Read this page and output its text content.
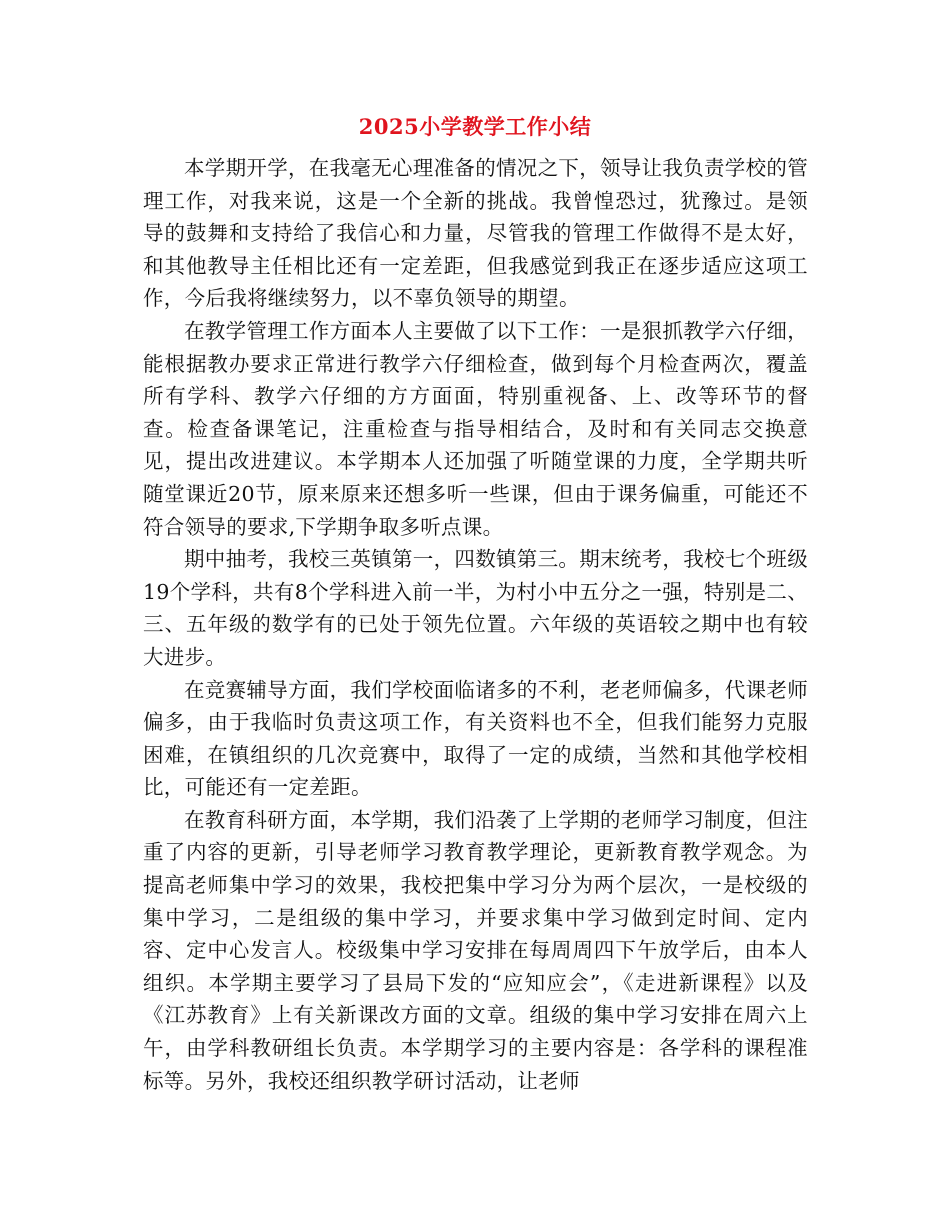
2025小学教学工作小结

本学期开学，在我毫无心理准备的情况之下，领导让我负责学校的管理工作，对我来说，这是一个全新的挑战。我曾惶恐过，犹豫过。是领导的鼓舞和支持给了我信心和力量，尽管我的管理工作做得不是太好，和其他教导主任相比还有一定差距，但我感觉到我正在逐步适应这项工作，今后我将继续努力，以不辜负领导的期望。

在教学管理工作方面本人主要做了以下工作：一是狠抓教学六仔细，能根据教办要求正常进行教学六仔细检查，做到每个月检查两次，覆盖所有学科、教学六仔细的方方面面，特别重视备、上、改等环节的督查。检查备课笔记，注重检查与指导相结合，及时和有关同志交换意见，提出改进建议。本学期本人还加强了听随堂课的力度，全学期共听随堂课近20节，原来原来还想多听一些课，但由于课务偏重，可能还不符合领导的要求,下学期争取多听点课。

期中抽考，我校三英镇第一，四数镇第三。期末统考，我校七个班级19个学科，共有8个学科进入前一半，为村小中五分之一强，特别是二、三、五年级的数学有的已处于领先位置。六年级的英语较之期中也有较大进步。

在竞赛辅导方面，我们学校面临诸多的不利，老老师偏多，代课老师偏多，由于我临时负责这项工作，有关资料也不全，但我们能努力克服困难，在镇组织的几次竞赛中，取得了一定的成绩，当然和其他学校相比，可能还有一定差距。

在教育科研方面，本学期，我们沿袭了上学期的老师学习制度，但注重了内容的更新，引导老师学习教育教学理论，更新教育教学观念。为提高老师集中学习的效果，我校把集中学习分为两个层次，一是校级的集中学习，二是组级的集中学习，并要求集中学习做到定时间、定内容、定中心发言人。校级集中学习安排在每周周四下午放学后，由本人组织。本学期主要学习了县局下发的“应知应会”，《走进新课程》以及《江苏教育》上有关新课改方面的文章。组级的集中学习安排在周六上午，由学科教研组长负责。本学期学习的主要内容是：各学科的课程准标等。另外，我校还组织教学研讨活动，让老师
